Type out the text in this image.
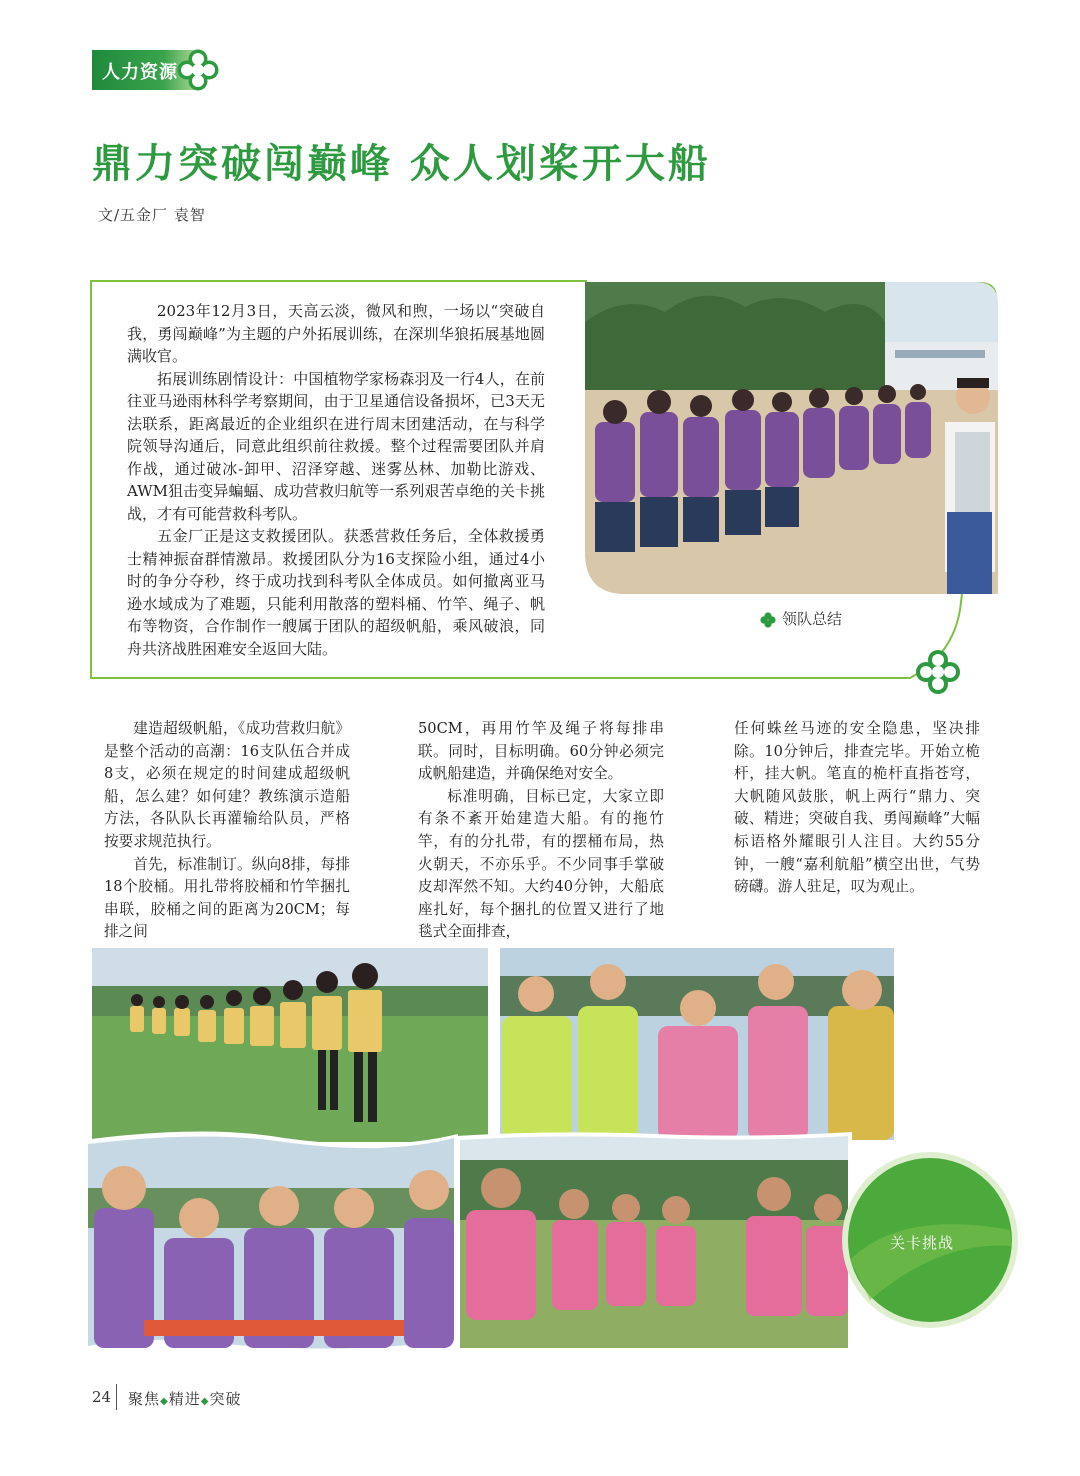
人力资源
鼎力突破闯巅峰 众人划桨开大船
文/五金厂 袁智

2023年12月3日，天高云淡，微风和煦，一场以“突破自我，勇闯巅峰”为主题的户外拓展训练，在深圳华狼拓展基地圆满收官。

拓展训练剧情设计：中国植物学家杨森羽及一行4人，在前往亚马逊雨林科学考察期间，由于卫星通信设备损坏，已3天无法联系，距离最近的企业组织在进行周末团建活动，在与科学院领导沟通后，同意此组织前往救援。整个过程需要团队并肩作战，通过破冰-卸甲、沼泽穿越、迷雾丛林、加勒比游戏、AWM狙击变异蝙蝠、成功营救归航等一系列艰苦卓绝的关卡挑战，才有可能营救科考队。

五金厂正是这支救援团队。获悉营救任务后，全体救援勇士精神振奋群情激昂。救援团队分为16支探险小组，通过4小时的争分夺秒，终于成功找到科考队全体成员。如何撤离亚马逊水域成为了难题，只能利用散落的塑料桶、竹竿、绳子、帆布等物资，合作制作一艘属于团队的超级帆船，乘风破浪，同舟共济战胜困难安全返回大陆。

领队总结

建造超级帆船，《成功营救归航》是整个活动的高潮：16支队伍合并成8支，必须在规定的时间建成超级帆船，怎么建？如何建？教练演示造船方法，各队队长再灌输给队员，严格按要求规范执行。

首先，标准制订。纵向8排，每排18个胶桶。用扎带将胶桶和竹竿捆扎串联，胶桶之间的距离为20CM；每排之间

50CM，再用竹竿及绳子将每排串联。同时，目标明确。60分钟必须完成帆船建造，并确保绝对安全。

标准明确，目标已定，大家立即有条不紊开始建造大船。有的拖竹竿，有的分扎带，有的摆桶布局，热火朝天，不亦乐乎。不少同事手掌破皮却浑然不知。大约40分钟，大船底座扎好，每个捆扎的位置又进行了地毯式全面排查，

任何蛛丝马迹的安全隐患，坚决排除。10分钟后，排查完毕。开始立桅杆，挂大帆。笔直的桅杆直指苍穹，大帆随风鼓胀，帆上两行“鼎力、突破、精进；突破自我、勇闯巅峰”大幅标语格外耀眼引人注目。大约55分钟，一艘“嘉利航船”横空出世，气势磅礴。游人驻足，叹为观止。

关卡挑战
24 聚焦◆精进◆突破
